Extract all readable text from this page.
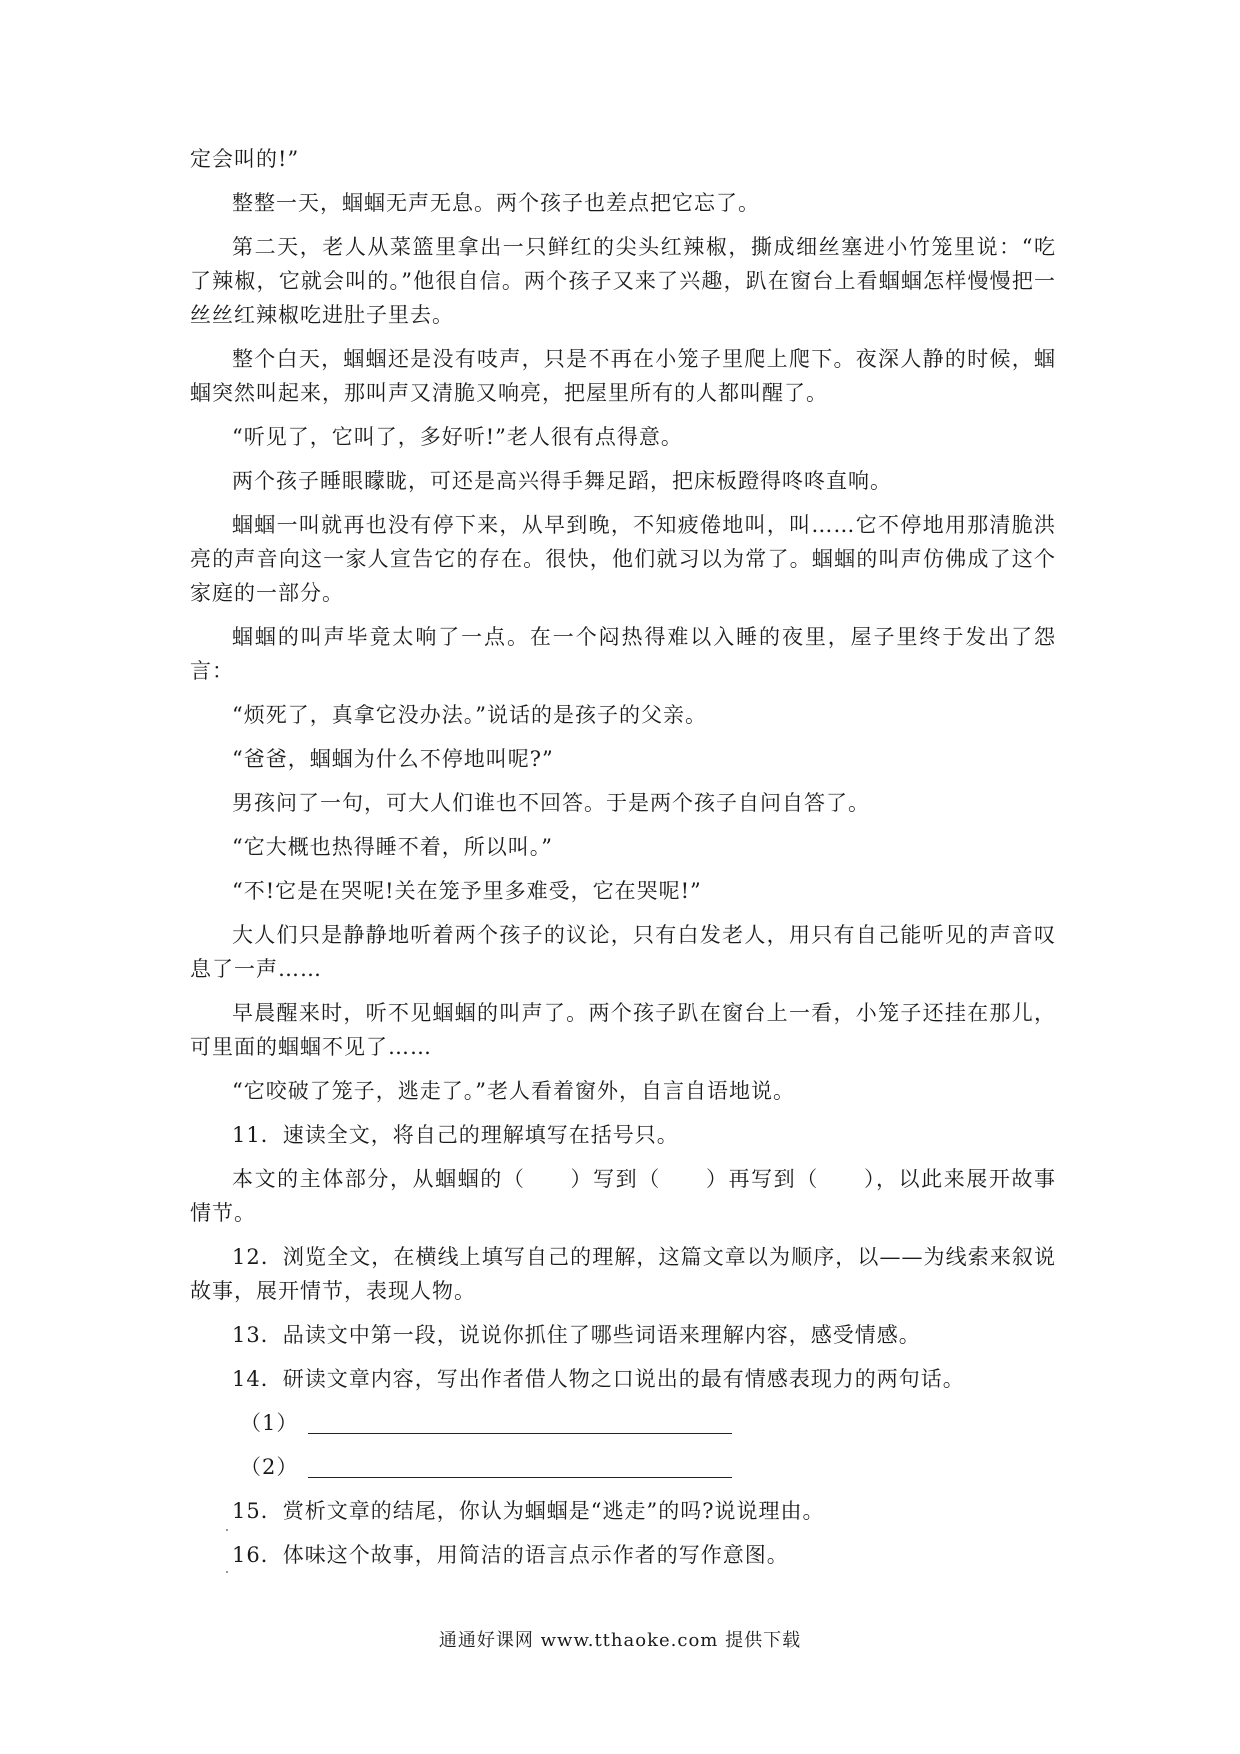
定会叫的!”

整整一天，蝈蝈无声无息。两个孩子也差点把它忘了。

第二天，老人从菜篮里拿出一只鲜红的尖头红辣椒，撕成细丝塞进小竹笼里说：“吃了辣椒，它就会叫的。”他很自信。两个孩子又来了兴趣，趴在窗台上看蝈蝈怎样慢慢把一丝丝红辣椒吃进肚子里去。

整个白天，蝈蝈还是没有吱声，只是不再在小笼子里爬上爬下。夜深人静的时候，蝈蝈突然叫起来，那叫声又清脆又响亮，把屋里所有的人都叫醒了。

“听见了，它叫了，多好听!”老人很有点得意。

两个孩子睡眼矇眬，可还是高兴得手舞足蹈，把床板蹬得咚咚直响。

蝈蝈一叫就再也没有停下来，从早到晚，不知疲倦地叫，叫……它不停地用那清脆洪亮的声音向这一家人宣告它的存在。很快，他们就习以为常了。蝈蝈的叫声仿佛成了这个家庭的一部分。

蝈蝈的叫声毕竟太响了一点。在一个闷热得难以入睡的夜里，屋子里终于发出了怨言：

“烦死了，真拿它没办法。”说话的是孩子的父亲。

“爸爸，蝈蝈为什么不停地叫呢?”

男孩问了一句，可大人们谁也不回答。于是两个孩子自问自答了。

“它大概也热得睡不着，所以叫。”

“不!它是在哭呢!关在笼予里多难受，它在哭呢!”

大人们只是静静地听着两个孩子的议论，只有白发老人，用只有自己能听见的声音叹息了一声……

早晨醒来时，听不见蝈蝈的叫声了。两个孩子趴在窗台上一看，小笼子还挂在那儿，可里面的蝈蝈不见了……

“它咬破了笼子，逃走了。”老人看着窗外，自言自语地说。

11．速读全文，将自己的理解填写在括号只。

本文的主体部分，从蝈蝈的（　　）写到（　　）再写到（　　），以此来展开故事情节。

12．浏览全文，在横线上填写自己的理解，这篇文章以为顺序，以——为线索来叙说故事，展开情节，表现人物。

13．品读文中第一段，说说你抓住了哪些词语来理解内容，感受情感。

14．研读文章内容，写出作者借人物之口说出的最有情感表现力的两句话。

（1）
（2）

15．赏析文章的结尾，你认为蝈蝈是“逃走”的吗?说说理由。

16．体味这个故事，用简洁的语言点示作者的写作意图。

通通好课网 www.tthaoke.com 提供下载
